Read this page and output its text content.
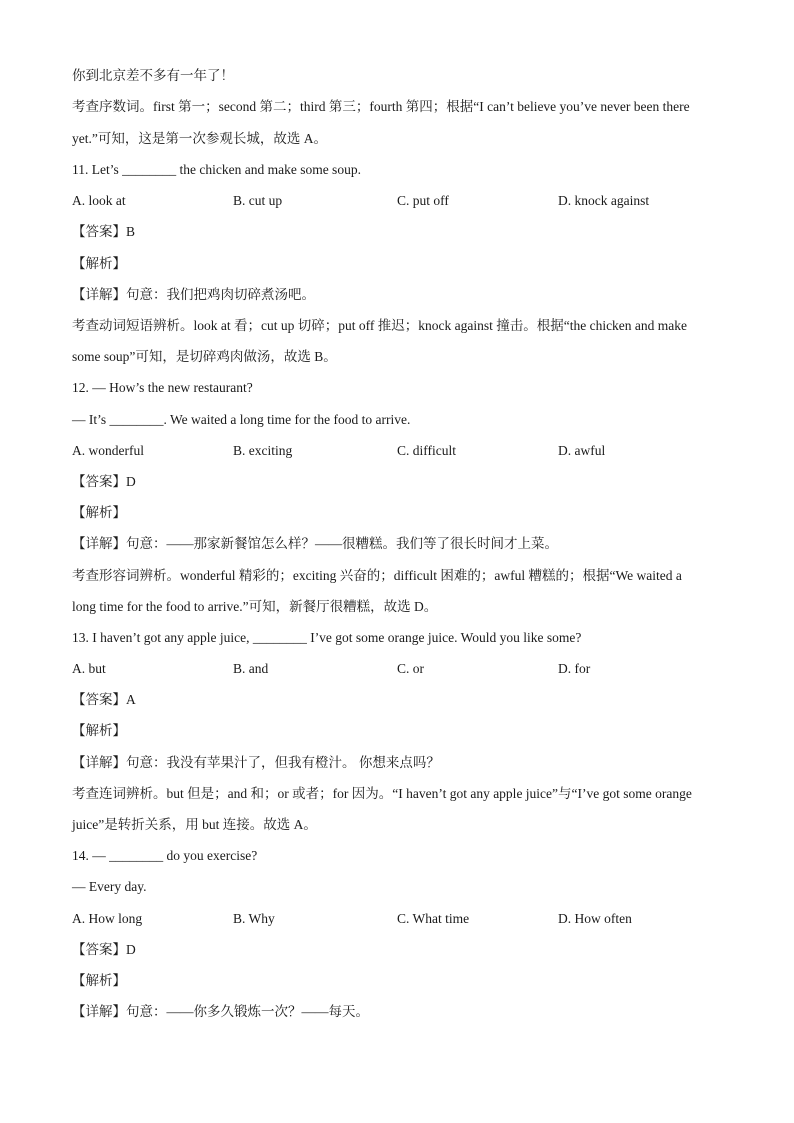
你到北京差不多有一年了！
考查序数词。first 第一；second 第二；third 第三；fourth 第四；根据“I can’t believe you’ve never been there
yet.”可知，这是第一次参观长城，故选 A。
11. Let’s ________ the chicken and make some soup.
A. look at	B. cut up	C. put off	D. knock against
【答案】B
【解析】
【详解】句意：我们把鸡肉切碎煮汤吧。
考查动词短语辨析。look at 看；cut up 切碎；put off 推迟；knock against 撞击。根据“the chicken and make
some soup”可知，是切碎鸡肉做汤，故选 B。
12. — How’s the new restaurant?
— It’s ________. We waited a long time for the food to arrive.
A. wonderful	B. exciting	C. difficult	D. awful
【答案】D
【解析】
【详解】句意：——那家新餐馆怎么样？——很糟糕。我们等了很长时间才上菜。
考查形容词辨析。wonderful 精彩的；exciting 兴奋的；difficult 困难的；awful 糟糕的；根据“We waited a
long time for the food to arrive.”可知，新餐厅很糟糕，故选 D。
13. I haven’t got any apple juice, ________ I’ve got some orange juice. Would you like some?
A. but	B. and	C. or	D. for
【答案】A
【解析】
【详解】句意：我没有苹果汁了，但我有橙汁。 你想来点吗？
考查连词辨析。but 但是；and 和；or 或者；for 因为。“I haven’t got any apple juice”与“I’ve got some orange
juice”是转折关系，用 but 连接。故选 A。
14. — ________ do you exercise?
— Every day.
A. How long	B. Why	C. What time	D. How often
【答案】D
【解析】
【详解】句意：——你多久锻炼一次？——每天。
